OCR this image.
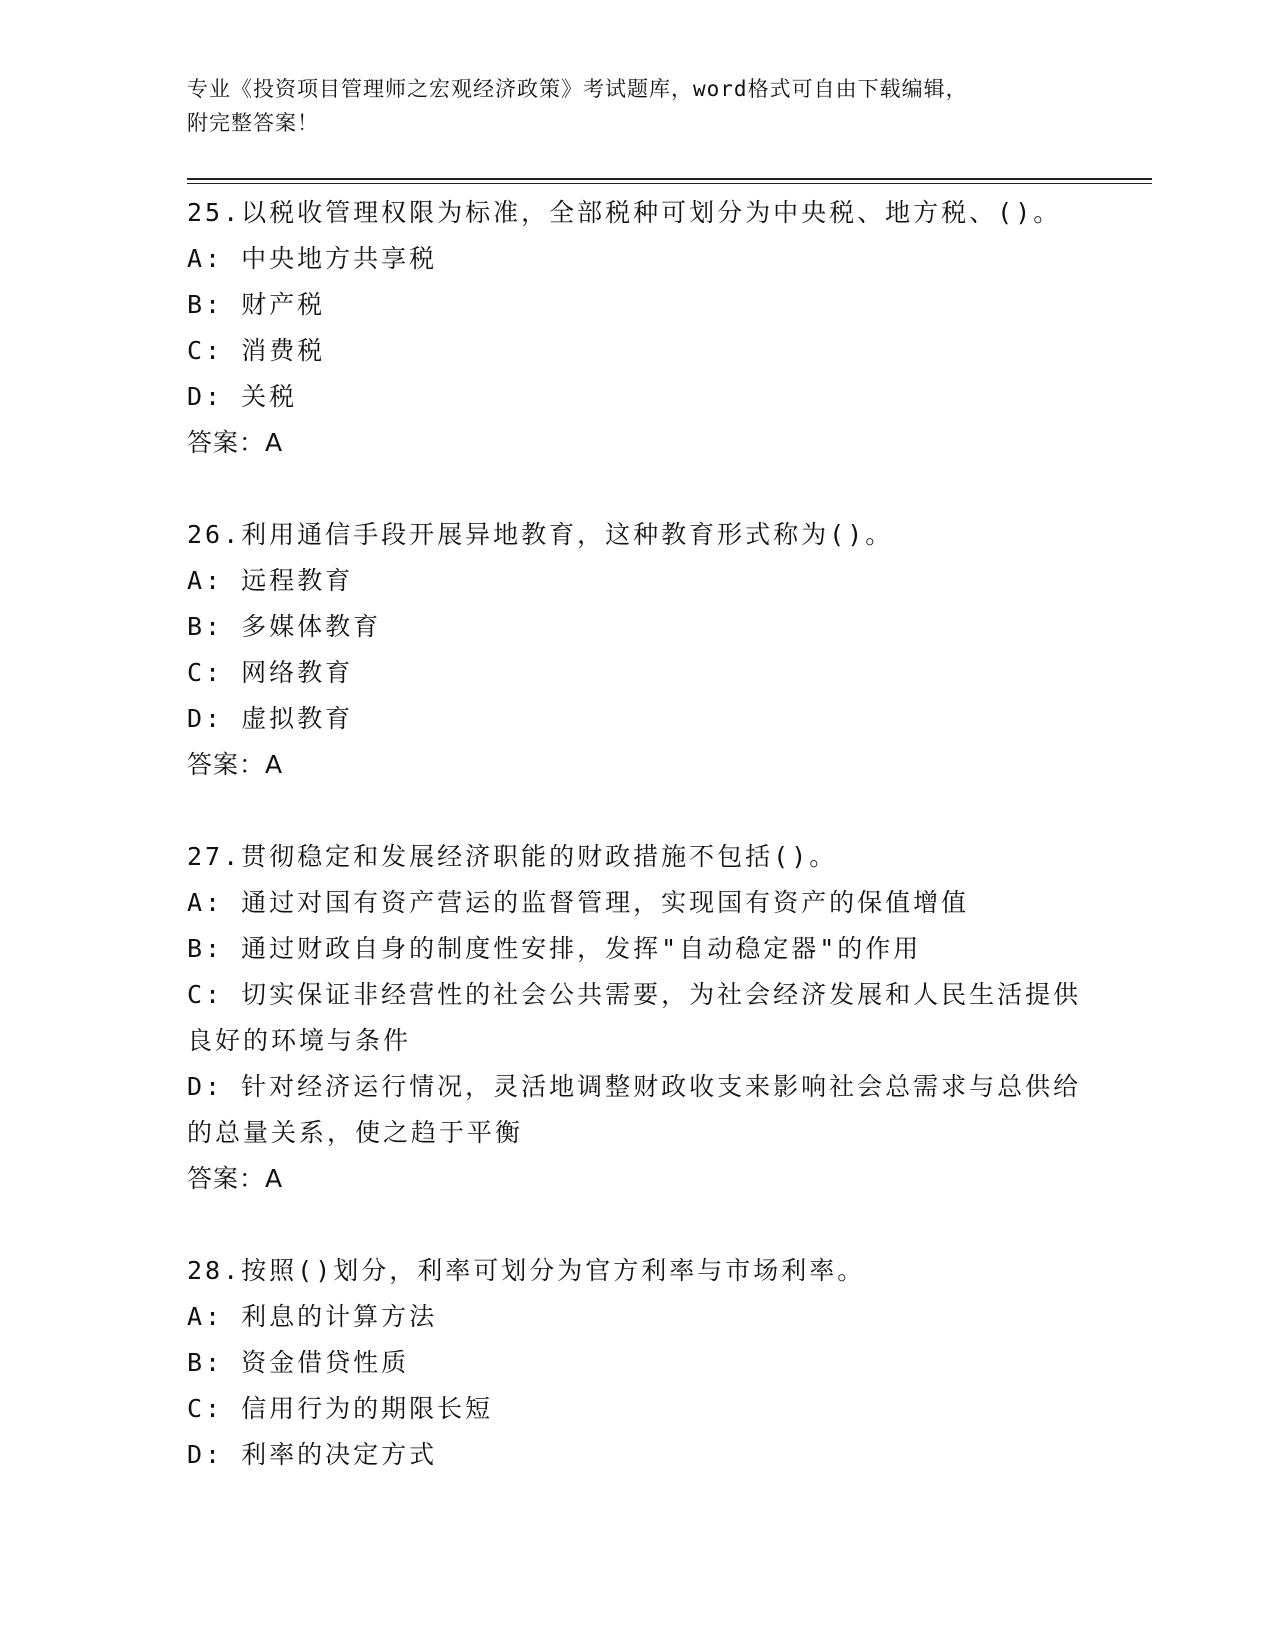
专业《投资项目管理师之宏观经济政策》考试题库，word格式可自由下载编辑，
附完整答案！
25.以税收管理权限为标准，全部税种可划分为中央税、地方税、()。
A: 中央地方共享税
B: 财产税
C: 消费税
D: 关税
答案：A
26.利用通信手段开展异地教育，这种教育形式称为()。
A: 远程教育
B: 多媒体教育
C: 网络教育
D: 虚拟教育
答案：A
27.贯彻稳定和发展经济职能的财政措施不包括()。
A: 通过对国有资产营运的监督管理，实现国有资产的保值增值
B: 通过财政自身的制度性安排，发挥"自动稳定器"的作用
C: 切实保证非经营性的社会公共需要，为社会经济发展和人民生活提供良好的环境与条件
D: 针对经济运行情况，灵活地调整财政收支来影响社会总需求与总供给的总量关系，使之趋于平衡
答案：A
28.按照()划分，利率可划分为官方利率与市场利率。
A: 利息的计算方法
B: 资金借贷性质
C: 信用行为的期限长短
D: 利率的决定方式
